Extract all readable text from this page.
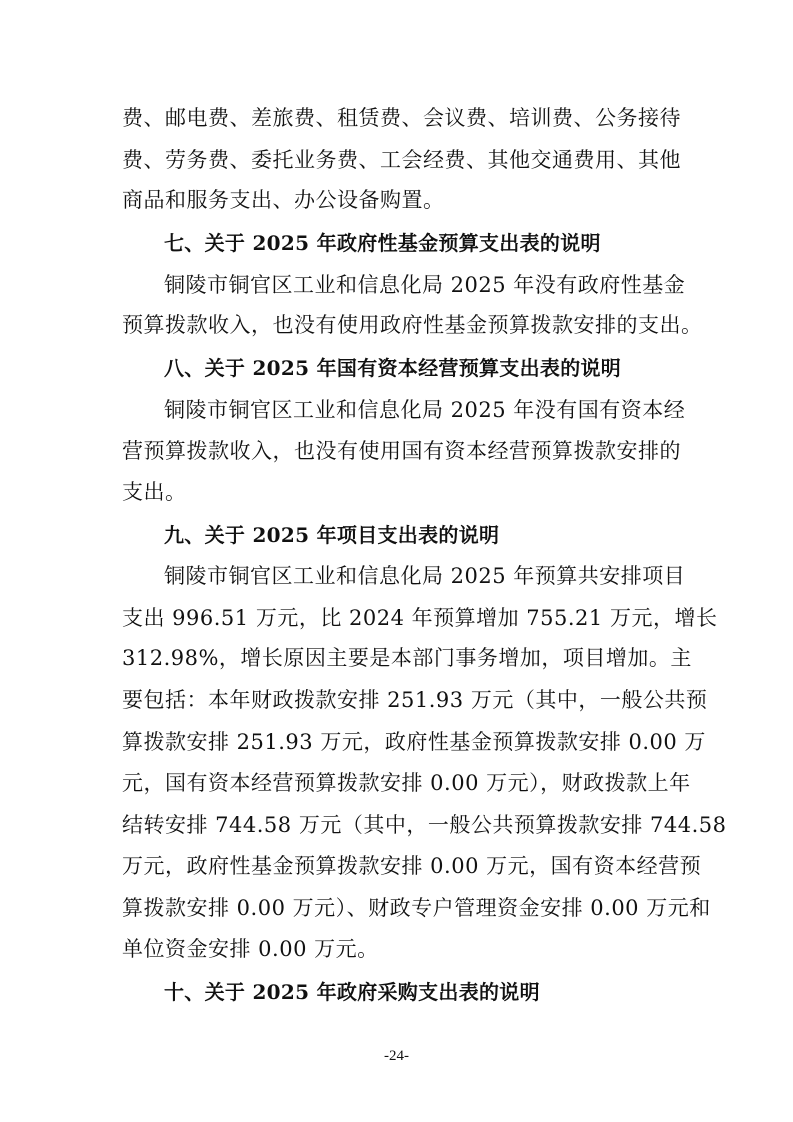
费、邮电费、差旅费、租赁费、会议费、培训费、公务接待
费、劳务费、委托业务费、工会经费、其他交通费用、其他
商品和服务支出、办公设备购置。
七、关于 2025 年政府性基金预算支出表的说明
铜陵市铜官区工业和信息化局 2025 年没有政府性基金
预算拨款收入，也没有使用政府性基金预算拨款安排的支出。
八、关于 2025 年国有资本经营预算支出表的说明
铜陵市铜官区工业和信息化局 2025 年没有国有资本经
营预算拨款收入，也没有使用国有资本经营预算拨款安排的
支出。
九、关于 2025 年项目支出表的说明
铜陵市铜官区工业和信息化局 2025 年预算共安排项目
支出 996.51 万元，比 2024 年预算增加 755.21 万元，增长
312.98%，增长原因主要是本部门事务增加，项目增加。主
要包括：本年财政拨款安排 251.93 万元（其中，一般公共预
算拨款安排 251.93 万元，政府性基金预算拨款安排 0.00 万
元，国有资本经营预算拨款安排 0.00 万元），财政拨款上年
结转安排 744.58 万元（其中，一般公共预算拨款安排 744.58
万元，政府性基金预算拨款安排 0.00 万元，国有资本经营预
算拨款安排 0.00 万元）、财政专户管理资金安排 0.00 万元和
单位资金安排 0.00 万元。
十、关于 2025 年政府采购支出表的说明
-24-
